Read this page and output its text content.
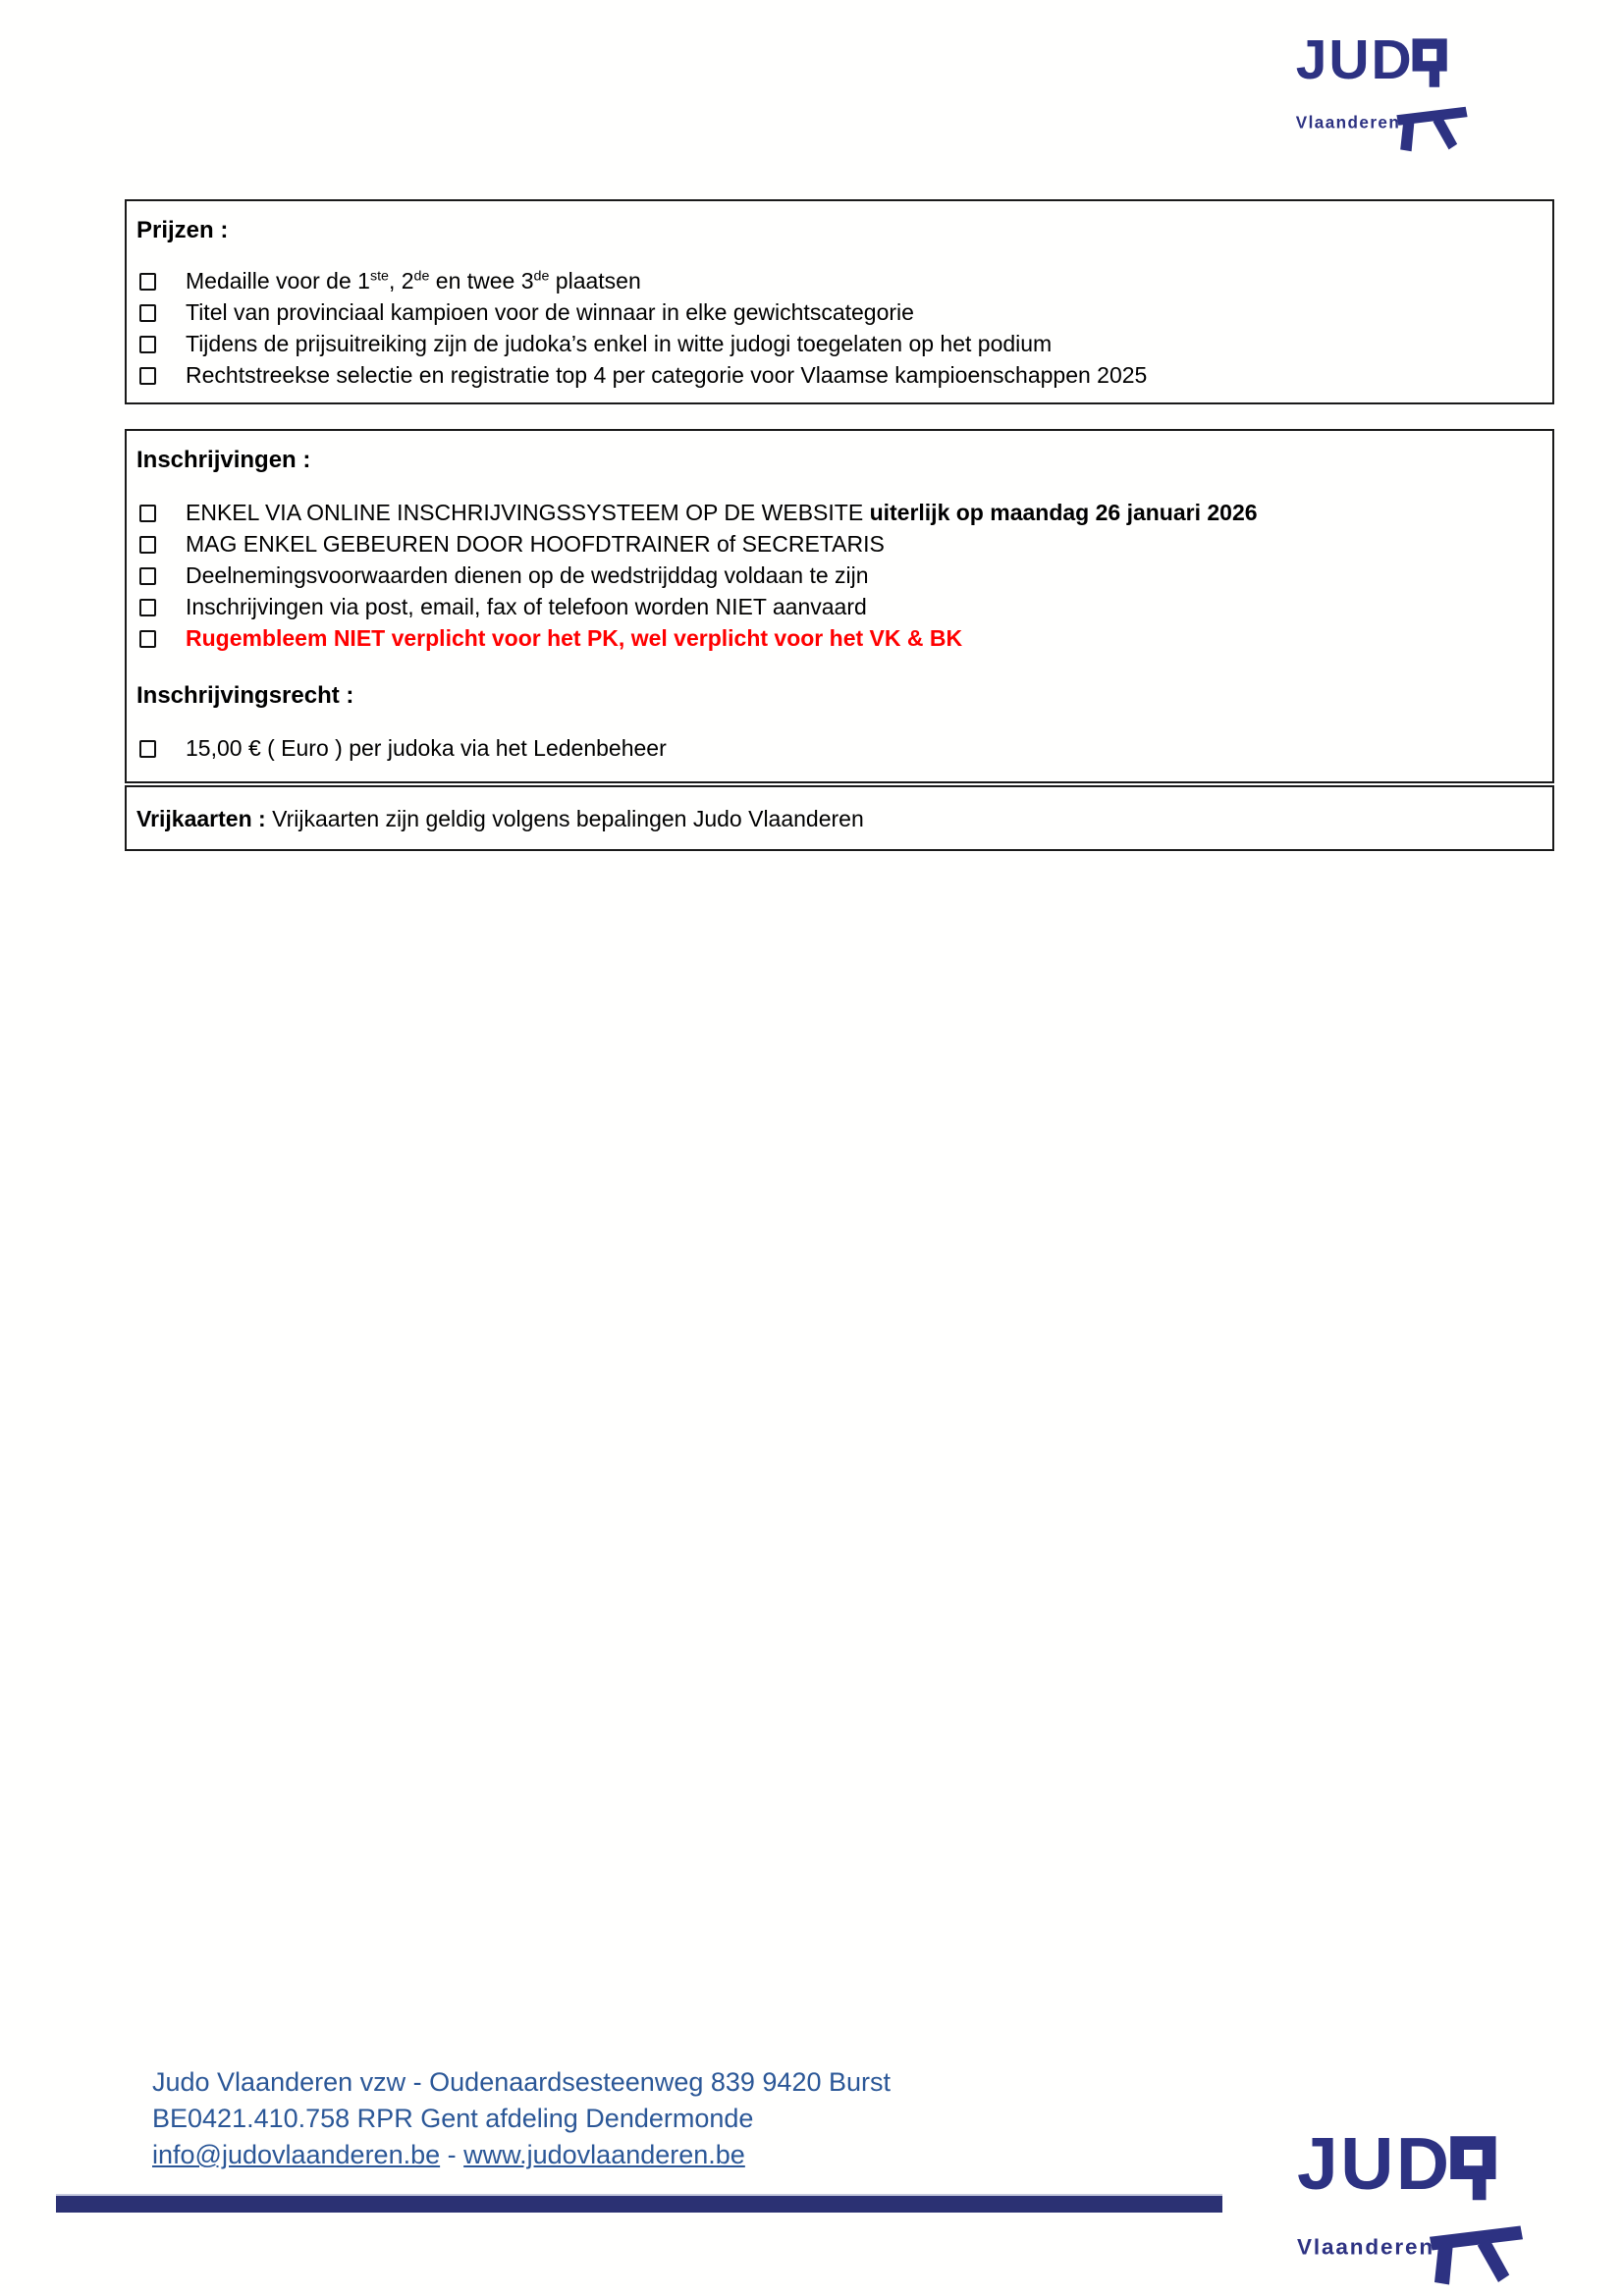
JUD
Vlaanderen
Prijzen :
Medaille voor de 1ste, 2de en twee 3de plaatsen
Titel van provinciaal kampioen voor de winnaar in elke gewichtscategorie
Tijdens de prijsuitreiking zijn de judoka’s enkel in witte judogi toegelaten op het podium
Rechtstreekse selectie en registratie top 4 per categorie voor Vlaamse kampioenschappen 2025
Inschrijvingen :
ENKEL VIA ONLINE INSCHRIJVINGSSYSTEEM OP DE WEBSITE uiterlijk op maandag 26 januari 2026
MAG ENKEL GEBEUREN DOOR HOOFDTRAINER of SECRETARIS
Deelnemingsvoorwaarden dienen op de wedstrijddag voldaan te zijn
Inschrijvingen via post, email, fax of telefoon worden NIET aanvaard
Rugembleem NIET verplicht voor het PK, wel verplicht voor het VK & BK
Inschrijvingsrecht :
15,00 € ( Euro ) per judoka via het Ledenbeheer
Vrijkaarten : Vrijkaarten zijn geldig volgens bepalingen Judo Vlaanderen
Judo Vlaanderen vzw - Oudenaardsesteenweg 839 9420 Burst
BE0421.410.758 RPR Gent afdeling Dendermonde
info@judovlaanderen.be - www.judovlaanderen.be	JUD
Vlaanderen
